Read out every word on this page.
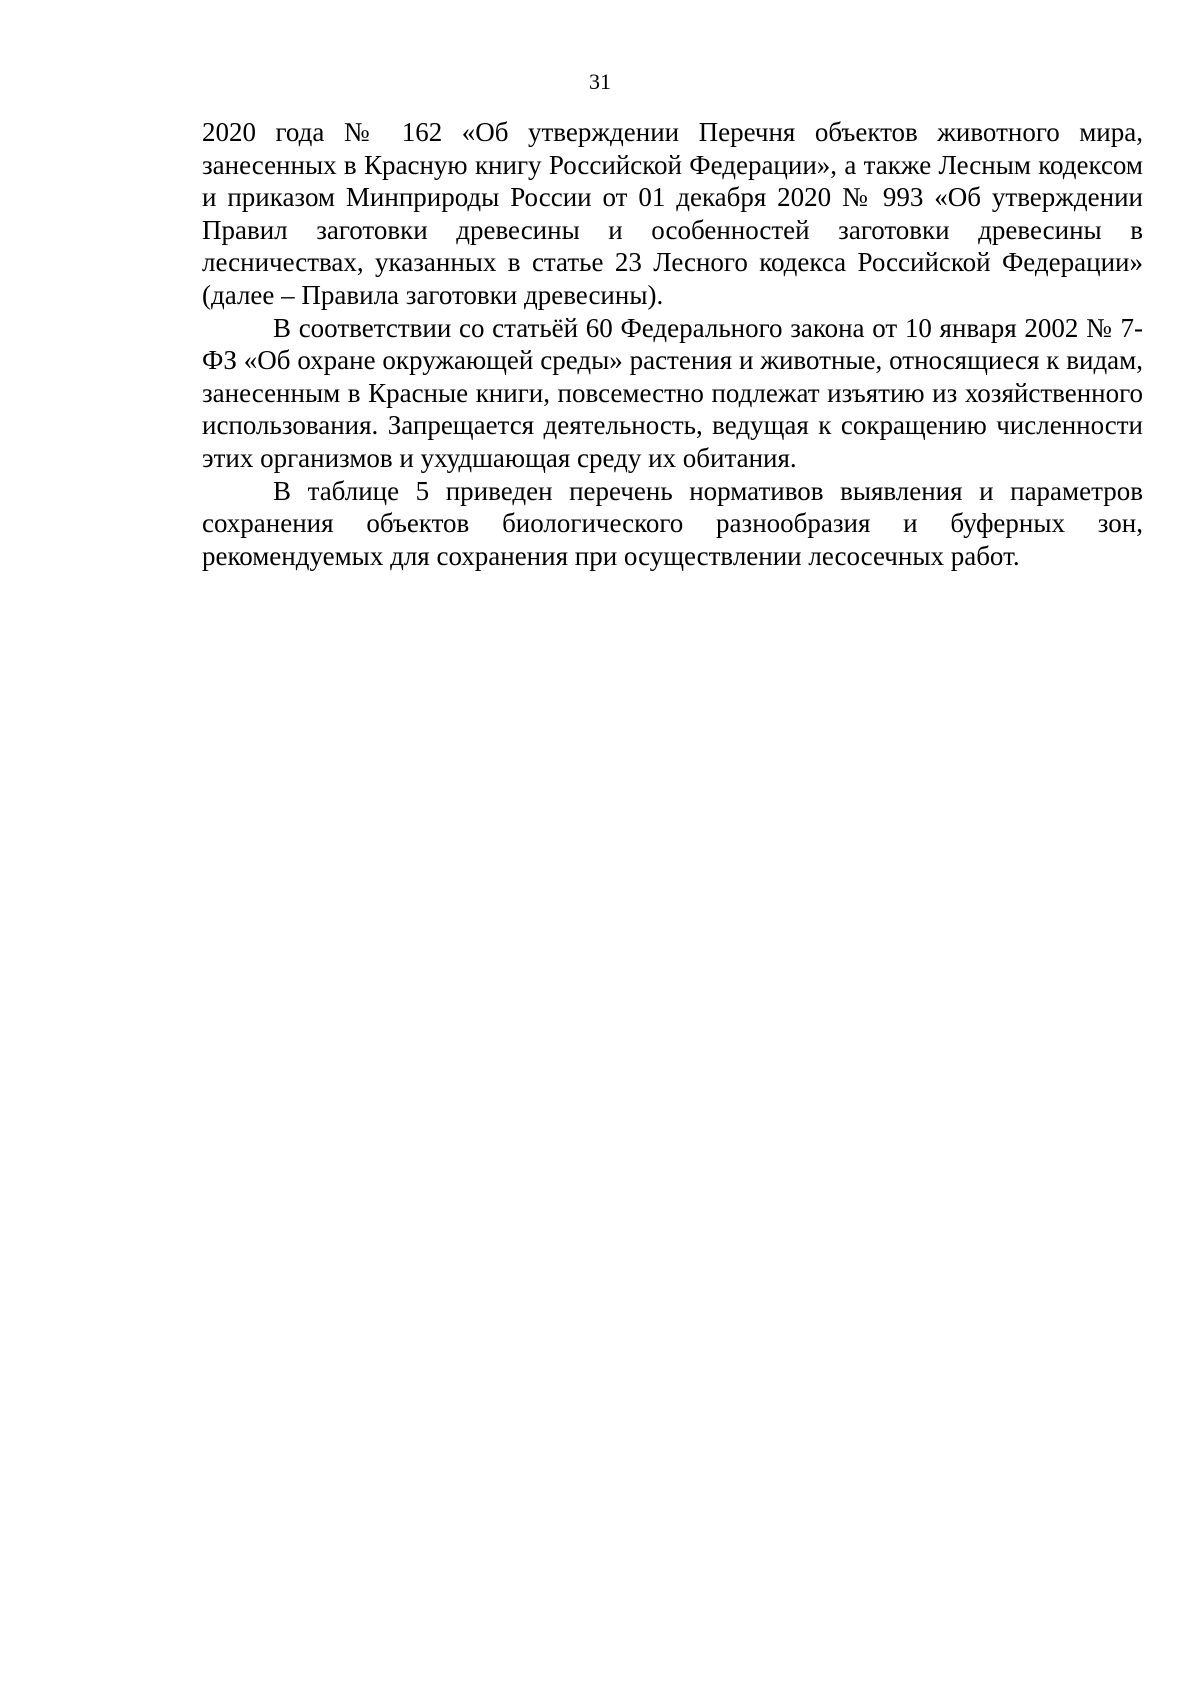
31

2020 года № 162 «Об утверждении Перечня объектов животного мира, занесенных в Красную книгу Российской Федерации», а также Лесным кодексом и приказом Минприроды России от 01 декабря 2020 № 993 «Об утверждении Правил заготовки древесины и особенностей заготовки древесины в лесничествах, указанных в статье 23 Лесного кодекса Российской Федерации» (далее – Правила заготовки древесины).

В соответствии со статьёй 60 Федерального закона от 10 января 2002 № 7-ФЗ «Об охране окружающей среды» растения и животные, относящиеся к видам, занесенным в Красные книги, повсеместно подлежат изъятию из хозяйственного использования. Запрещается деятельность, ведущая к сокращению численности этих организмов и ухудшающая среду их обитания.

В таблице 5 приведен перечень нормативов выявления и параметров сохранения объектов биологического разнообразия и буферных зон, рекомендуемых для сохранения при осуществлении лесосечных работ.
